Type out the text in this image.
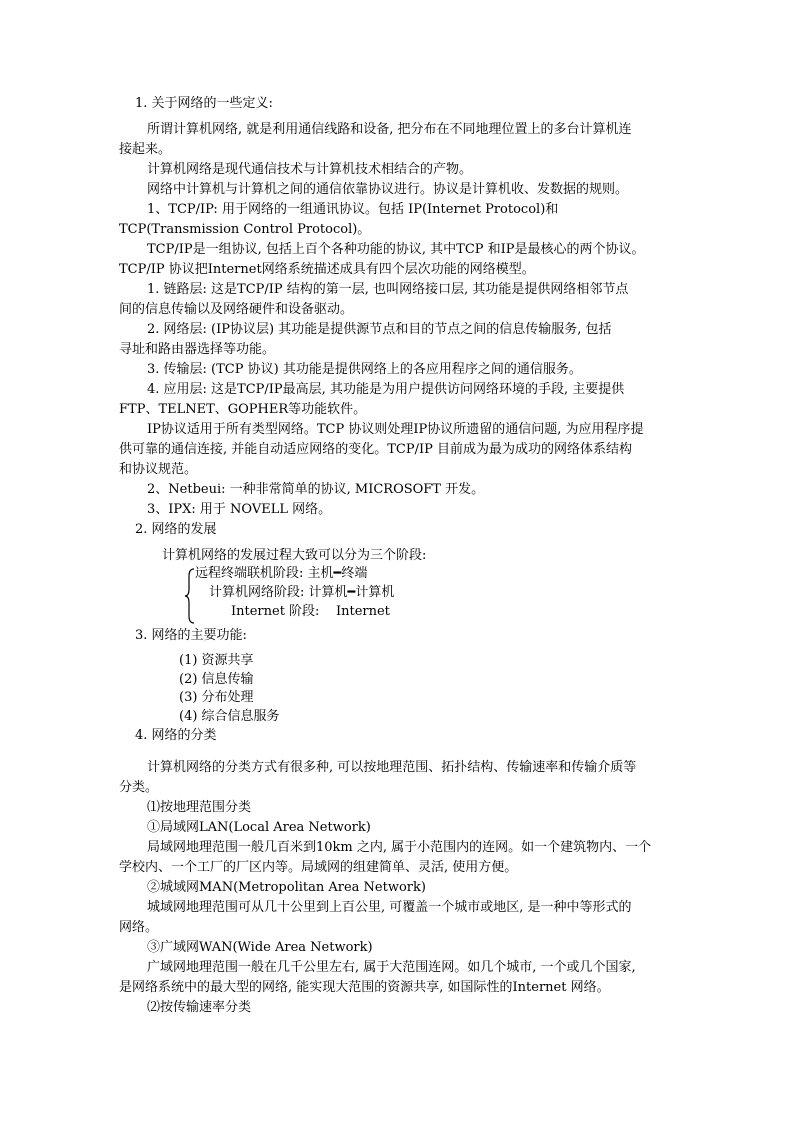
1. 关于网络的一些定义:
所谓计算机网络, 就是利用通信线路和设备, 把分布在不同地理位置上的多台计算机连
接起来。
计算机网络是现代通信技术与计算机技术相结合的产物。
网络中计算机与计算机之间的通信依靠协议进行。协议是计算机收、发数据的规则。
1、TCP/IP: 用于网络的一组通讯协议。包括 IP(Internet Protocol)和
TCP(Transmission Control Protocol)。
TCP/IP是一组协议, 包括上百个各种功能的协议, 其中TCP 和IP是最核心的两个协议。
TCP/IP 协议把Internet网络系统描述成具有四个层次功能的网络模型。
1. 链路层: 这是TCP/IP 结构的第一层, 也叫网络接口层, 其功能是提供网络相邻节点
间的信息传输以及网络硬件和设备驱动。
2. 网络层: (IP协议层) 其功能是提供源节点和目的节点之间的信息传输服务, 包括
寻址和路由器选择等功能。
3. 传输层: (TCP 协议) 其功能是提供网络上的各应用程序之间的通信服务。
4. 应用层: 这是TCP/IP最高层, 其功能是为用户提供访问网络环境的手段, 主要提供
FTP、TELNET、GOPHER等功能软件。
IP协议适用于所有类型网络。TCP 协议则处理IP协议所遗留的通信问题, 为应用程序提
供可靠的通信连接, 并能自动适应网络的变化。TCP/IP 目前成为最为成功的网络体系结构
和协议规范。
2、Netbeui: 一种非常简单的协议, MICROSOFT 开发。
3、IPX: 用于 NOVELL 网络。
2. 网络的发展
计算机网络的发展过程大致可以分为三个阶段:
远程终端联机阶段: 主机━终端
计算机网络阶段: 计算机━计算机
Internet 阶段:    Internet
3. 网络的主要功能:
(1) 资源共享
(2) 信息传输
(3) 分布处理
(4) 综合信息服务
4. 网络的分类
计算机网络的分类方式有很多种, 可以按地理范围、拓扑结构、传输速率和传输介质等
分类。
⑴按地理范围分类
①局域网LAN(Local Area Network)
局域网地理范围一般几百米到10km 之内, 属于小范围内的连网。如一个建筑物内、一个
学校内、一个工厂的厂区内等。局域网的组建简单、灵活, 使用方便。
②城域网MAN(Metropolitan Area Network)
城域网地理范围可从几十公里到上百公里, 可覆盖一个城市或地区, 是一种中等形式的
网络。
③广域网WAN(Wide Area Network)
广域网地理范围一般在几千公里左右, 属于大范围连网。如几个城市, 一个或几个国家,
是网络系统中的最大型的网络, 能实现大范围的资源共享, 如国际性的Internet 网络。
⑵按传输速率分类
